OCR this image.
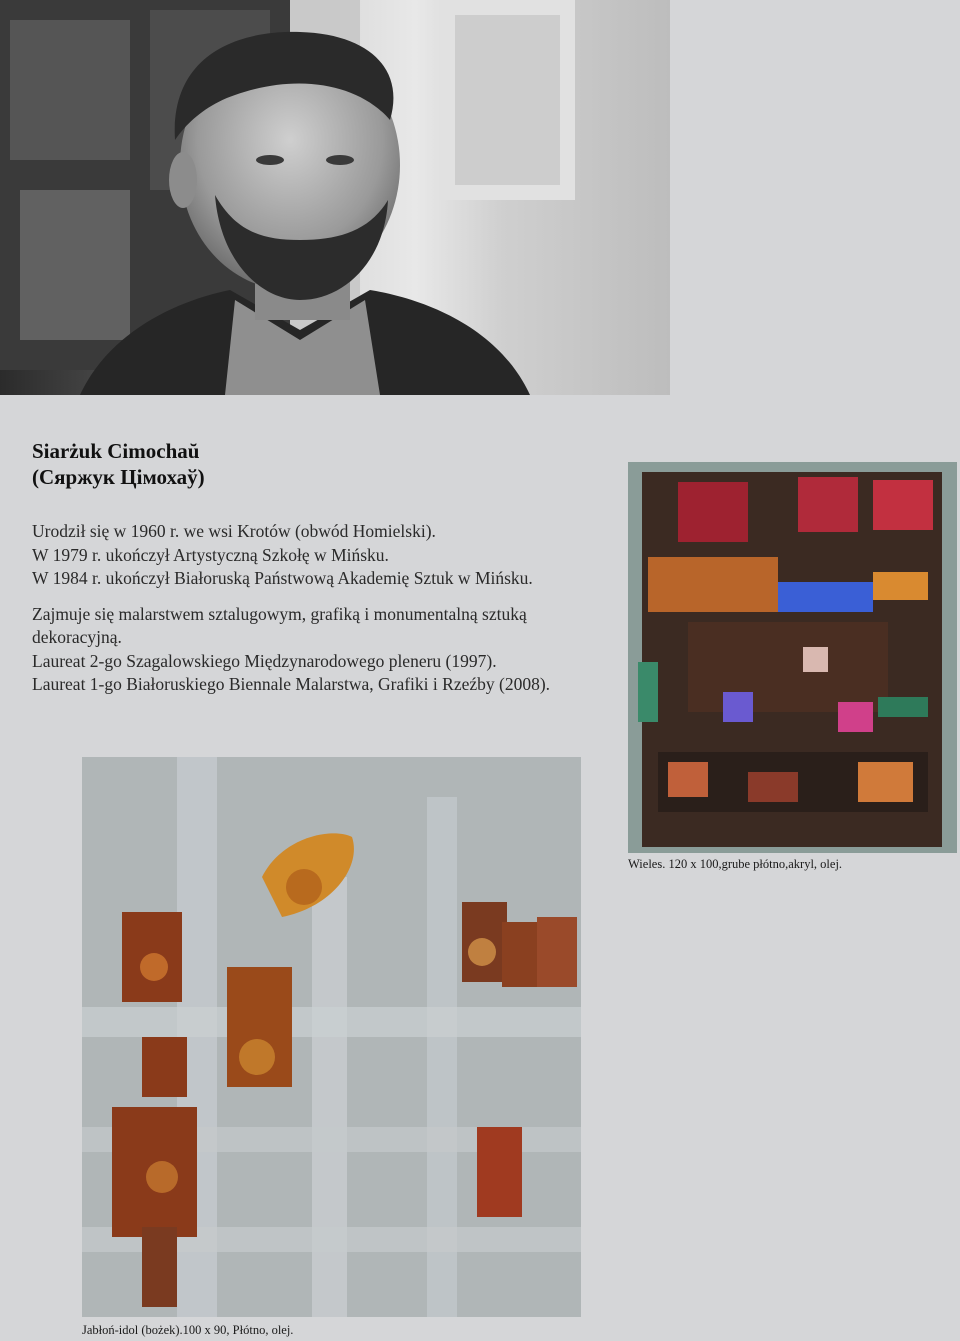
Siarżuk Cimochaŭ
(Сяржук Цімохаў)

Urodził się w 1960 r. we wsi Krotów (obwód Homielski).

W 1979 r. ukończył Artystyczną Szkołę w Mińsku.

W 1984 r. ukończył Białoruską Państwową Akademię Sztuk w Mińsku.

Zajmuje się malarstwem sztalugowym, grafiką i monumentalną sztuką dekoracyjną.

Laureat 2-go Szagalowskiego Międzynarodowego pleneru (1997).

Laureat 1-go Białoruskiego Biennale Malarstwa, Grafiki i Rzeźby (2008).

Wieles. 120 x 100,grube płótno,akryl, olej.
Jabłoń-idol (bożek).100 x 90, Płótno, olej.
